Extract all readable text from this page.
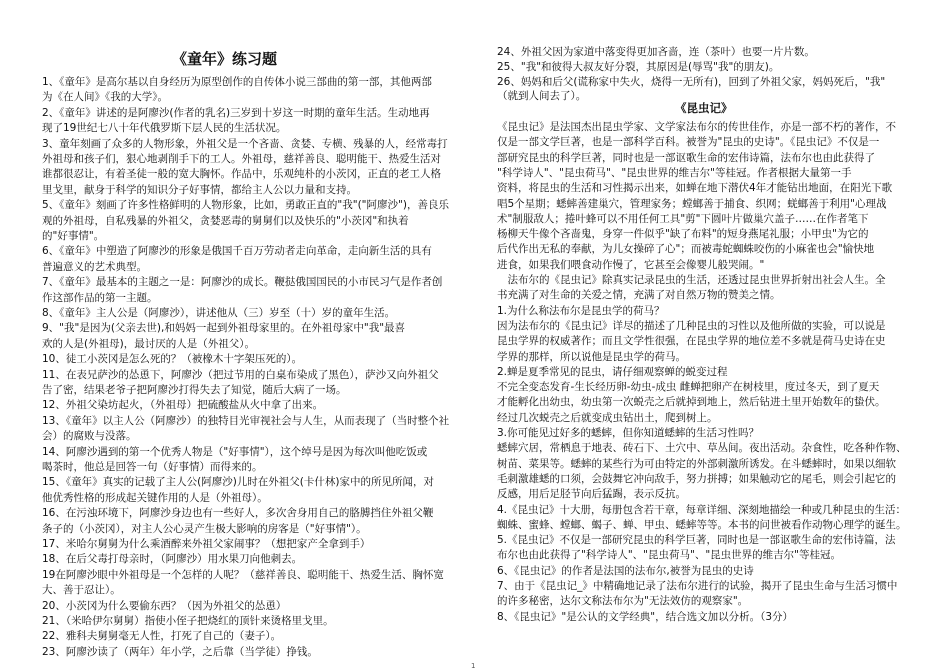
《童年》练习题
1、《童年》是高尔基以自身经历为原型创作的自传体小说三部曲的第一部，其他两部
为《在人间》《我的大学》。
2、《童年》讲述的是阿廖沙(作者的乳名)三岁到十岁这一时期的童年生活。生动地再
现了19世纪七八十年代俄罗斯下层人民的生活状况。
3、童年刻画了众多的人物形象，外祖父是一个吝啬、贪婪、专横、残暴的人，经常毒打
外祖母和孩子们，狠心地剥削手下的工人。外祖母，慈祥善良、聪明能干、热爱生活对
谁都很忍让，有着圣徒一般的宽大胸怀。作品中，乐观纯朴的小茨冈，正直的老工人格
里戈里，献身于科学的知识分子好事情，都给主人公以力量和支持。
5、《童年》刻画了许多性格鲜明的人物形象，比如，勇敢正直的"我"("阿廖沙")，善良乐
观的外祖母，自私残暴的外祖父，贪婪恶毒的舅舅们以及快乐的"小茨冈"和执着
的"好事情"。
6、《童年》中塑造了阿廖沙的形象是俄国千百万劳动者走向革命，走向新生活的具有
普遍意义的艺术典型。
7、《童年》最基本的主题之一是：阿廖沙的成长。鞭挞俄国国民的小市民习气是作者创
作这部作品的第一主题。
8、《童年》主人公是（阿廖沙），讲述他从（三）岁至（十）岁的童年生活。
9、"我"是因为(父亲去世),和妈妈一起到外祖母家里的。在外祖母家中"我"最喜
欢的人是(外祖母)，最讨厌的人是（外祖父）。
10、徒工小茨冈是怎么死的？（被橡木十字架压死的）。
11、在表兄萨沙的怂恿下，阿廖沙（把过节用的白桌布染成了黑色），萨沙又向外祖父
告了密，结果老爷子把阿廖沙打得失去了知觉，随后大病了一场。
12、外祖父染坊起火，（外祖母）把硫酸盐从火中拿了出来。
13、《童年》以主人公（阿廖沙）的独特目光审视社会与人生，从而表现了（当时整个社
会）的腐败与没落。
14、阿廖沙遇到的第一个优秀人物是（"好事情"），这个绰号是因为每次叫他吃饭或
喝茶时，他总是回答一句（好事情）而得来的。
15、《童年》真实的记载了主人公(阿廖沙)儿时在外祖父(卡什林)家中的所见所闻，对
他优秀性格的形成起关键作用的人是（外祖母）。
16、在污浊环境下，阿廖沙身边也有一些好人，多次舍身用自己的胳膊挡住外祖父鞭
条子的（小茨冈），对主人公心灵产生极大影响的房客是（"好事情"）。
17、米哈尔舅舅为什么乘酒醉来外祖父家闹事？（想把家产全拿到手）
18、在后父毒打母亲时，（阿廖沙）用水果刀向他刺去。
19在阿廖沙眼中外祖母是一个怎样的人呢？（慈祥善良、聪明能干、热爱生活、胸怀宽
大、善于忍让）。
20、小茨冈为什么要偷东西？（因为外祖父的怂恿）
21、（米哈伊尔舅舅）指使小侄子把烧红的顶针来烫格里戈里。
22、雅科夫舅舅毫无人性，打死了自己的（妻子）。
23、阿廖沙读了（两年）年小学，之后靠（当学徒）挣钱。
24、外祖父因为家道中落变得更加吝啬，连（茶叶）也要一片片数。
25、"我"和彼得大叔友好分裂，其原因是(辱骂"我"的朋友)。
26、妈妈和后父(谎称家中失火，烧得一无所有)，回到了外祖父家，妈妈死后，"我"
（就到人间去了）。
《昆虫记》
《昆虫记》是法国杰出昆虫学家、文学家法布尔的传世佳作，亦是一部不朽的著作，不
仅是一部文学巨著，也是一部科学百科。被誉为"昆虫的史诗"。《昆虫记》不仅是一
部研究昆虫的科学巨著，同时也是一部讴歌生命的宏伟诗篇，法布尔也由此获得了
"科学诗人"、"昆虫荷马"、"昆虫世界的维吉尔"等桂冠。作者根据大量第一手
资料，将昆虫的生活和习性揭示出来，如蝉在地下潜伏4年才能钻出地面，在阳光下歌
唱5个星期；蟋蟀善建巢穴，管理家务；螳螂善于捕食、织网；蜣螂善于利用"心理战
术"制服敌人；捲叶蜂可以不用任何工具"剪"下圆叶片做巢穴盖子……在作者笔下
杨柳天牛像个吝啬鬼，身穿一件似乎"缺了布料"的短身燕尾礼服；小甲虫"为它的
后代作出无私的奉献，为儿女操碎了心"；而被毒蛇蜘蛛咬伤的小麻雀也会"愉快地
进食，如果我们喂食动作慢了，它甚至会像婴儿般哭闹。"
　法布尔的《昆虫记》除真实记录昆虫的生活，还透过昆虫世界折射出社会人生。全
书充满了对生命的关爱之情，充满了对自然万物的赞美之情。
1.为什么称法布尔是昆虫学的荷马？
因为法布尔的《昆虫记》详尽的描述了几种昆虫的习性以及他所做的实验，可以说是
昆虫学界的权威著作；而且文学性很强，在昆虫学界的地位差不多就是荷马史诗在史
学界的那样，所以说他是昆虫学的荷马。
2.蝉是夏季常见的昆虫，请仔细观察蝉的蜕变过程
不完全变态发育-生长经历卵-幼虫-成虫 雌蝉把卵产在树枝里，度过冬天，到了夏天
才能孵化出幼虫，幼虫第一次蜕壳之后就掉到地上，然后钻进土里开始数年的蛰伏。
经过几次蜕壳之后就变成虫钻出土，爬到树上。
3.你可能见过好多的蟋蟀，但你知道蟋蟀的生活习性吗？
蟋蟀穴居，常栖息于地表、砖石下、土穴中、草丛间。夜出活动。杂食性，吃各种作物、
树苗、菜果等。蟋蟀的某些行为可由特定的外部刺激所诱发。在斗蟋蟀时，如果以细软
毛刺激雄蟋的口须，会鼓舞它冲向敌手，努力拼搏；如果触动它的尾毛，则会引起它的
反感，用后足胫节向后猛踢，表示反抗。
4.《昆虫记》十大册，每册包含若干章，每章详细、深刻地描绘一种或几种昆虫的生活：
蜘蛛、蜜蜂、螳螂、蝎子、蝉、甲虫、蟋蟀等等。本书的问世被看作动物心理学的诞生。
5.《昆虫记》不仅是一部研究昆虫的科学巨著，同时也是一部讴歌生命的宏伟诗篇，法
布尔也由此获得了"科学诗人"、"昆虫荷马"、"昆虫世界的维吉尔"等桂冠。
6、《昆虫记》的作者是法国的法布尔,被誉为昆虫的史诗
7、由于《昆虫记_》中精确地记录了法布尔进行的试验，揭开了昆虫生命与生活习惯中
的许多秘密，达尔文称法布尔为"无法效仿的观察家"。
8、《昆虫记》"是公认的文学经典"，结合选文加以分析。（3分）
1
